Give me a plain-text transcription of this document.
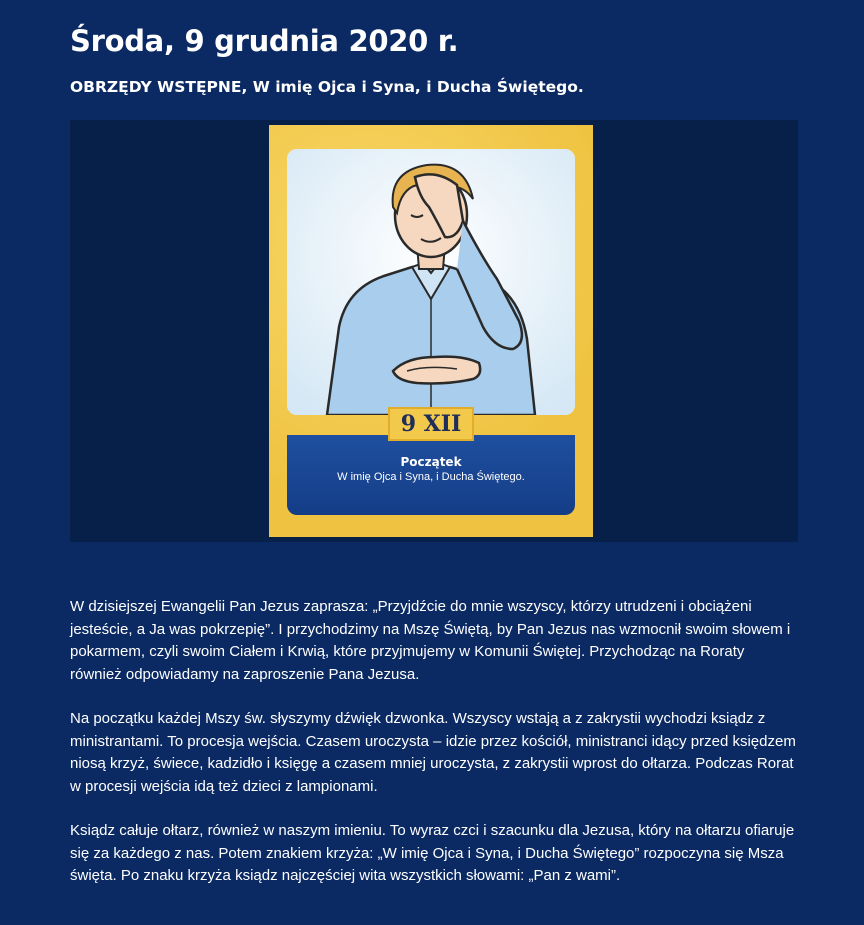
Środa, 9 grudnia 2020 r.
OBRZĘDY WSTĘPNE, W imię Ojca i Syna, i Ducha Świętego.
Początek
W imię Ojca i Syna, i Ducha Świętego.
9 XII

W dzisiejszej Ewangelii Pan Jezus zaprasza: „Przyjdźcie do mnie wszyscy, którzy utrudzeni i obciążeni jesteście, a Ja was pokrzepię”. I przychodzimy na Mszę Świętą, by Pan Jezus nas wzmocnił swoim słowem i pokarmem, czyli swoim Ciałem i Krwią, które przyjmujemy w Komunii Świętej. Przychodząc na Roraty również odpowiadamy na zaproszenie Pana Jezusa.

Na początku każdej Mszy św. słyszymy dźwięk dzwonka. Wszyscy wstają a z zakrystii wychodzi ksiądz z ministrantami. To procesja wejścia. Czasem uroczysta – idzie przez kościół, ministranci idący przed księdzem niosą krzyż, świece, kadzidło i księgę a czasem mniej uroczysta, z zakrystii wprost do ołtarza. Podczas Rorat w procesji wejścia idą też dzieci z lampionami.

Ksiądz całuje ołtarz, również w naszym imieniu. To wyraz czci i szacunku dla Jezusa, który na ołtarzu ofiaruje się za każdego z nas. Potem znakiem krzyża: „W imię Ojca i Syna, i Ducha Świętego” rozpoczyna się Msza święta. Po znaku krzyża ksiądz najczęściej wita wszystkich słowami: „Pan z wami”.
